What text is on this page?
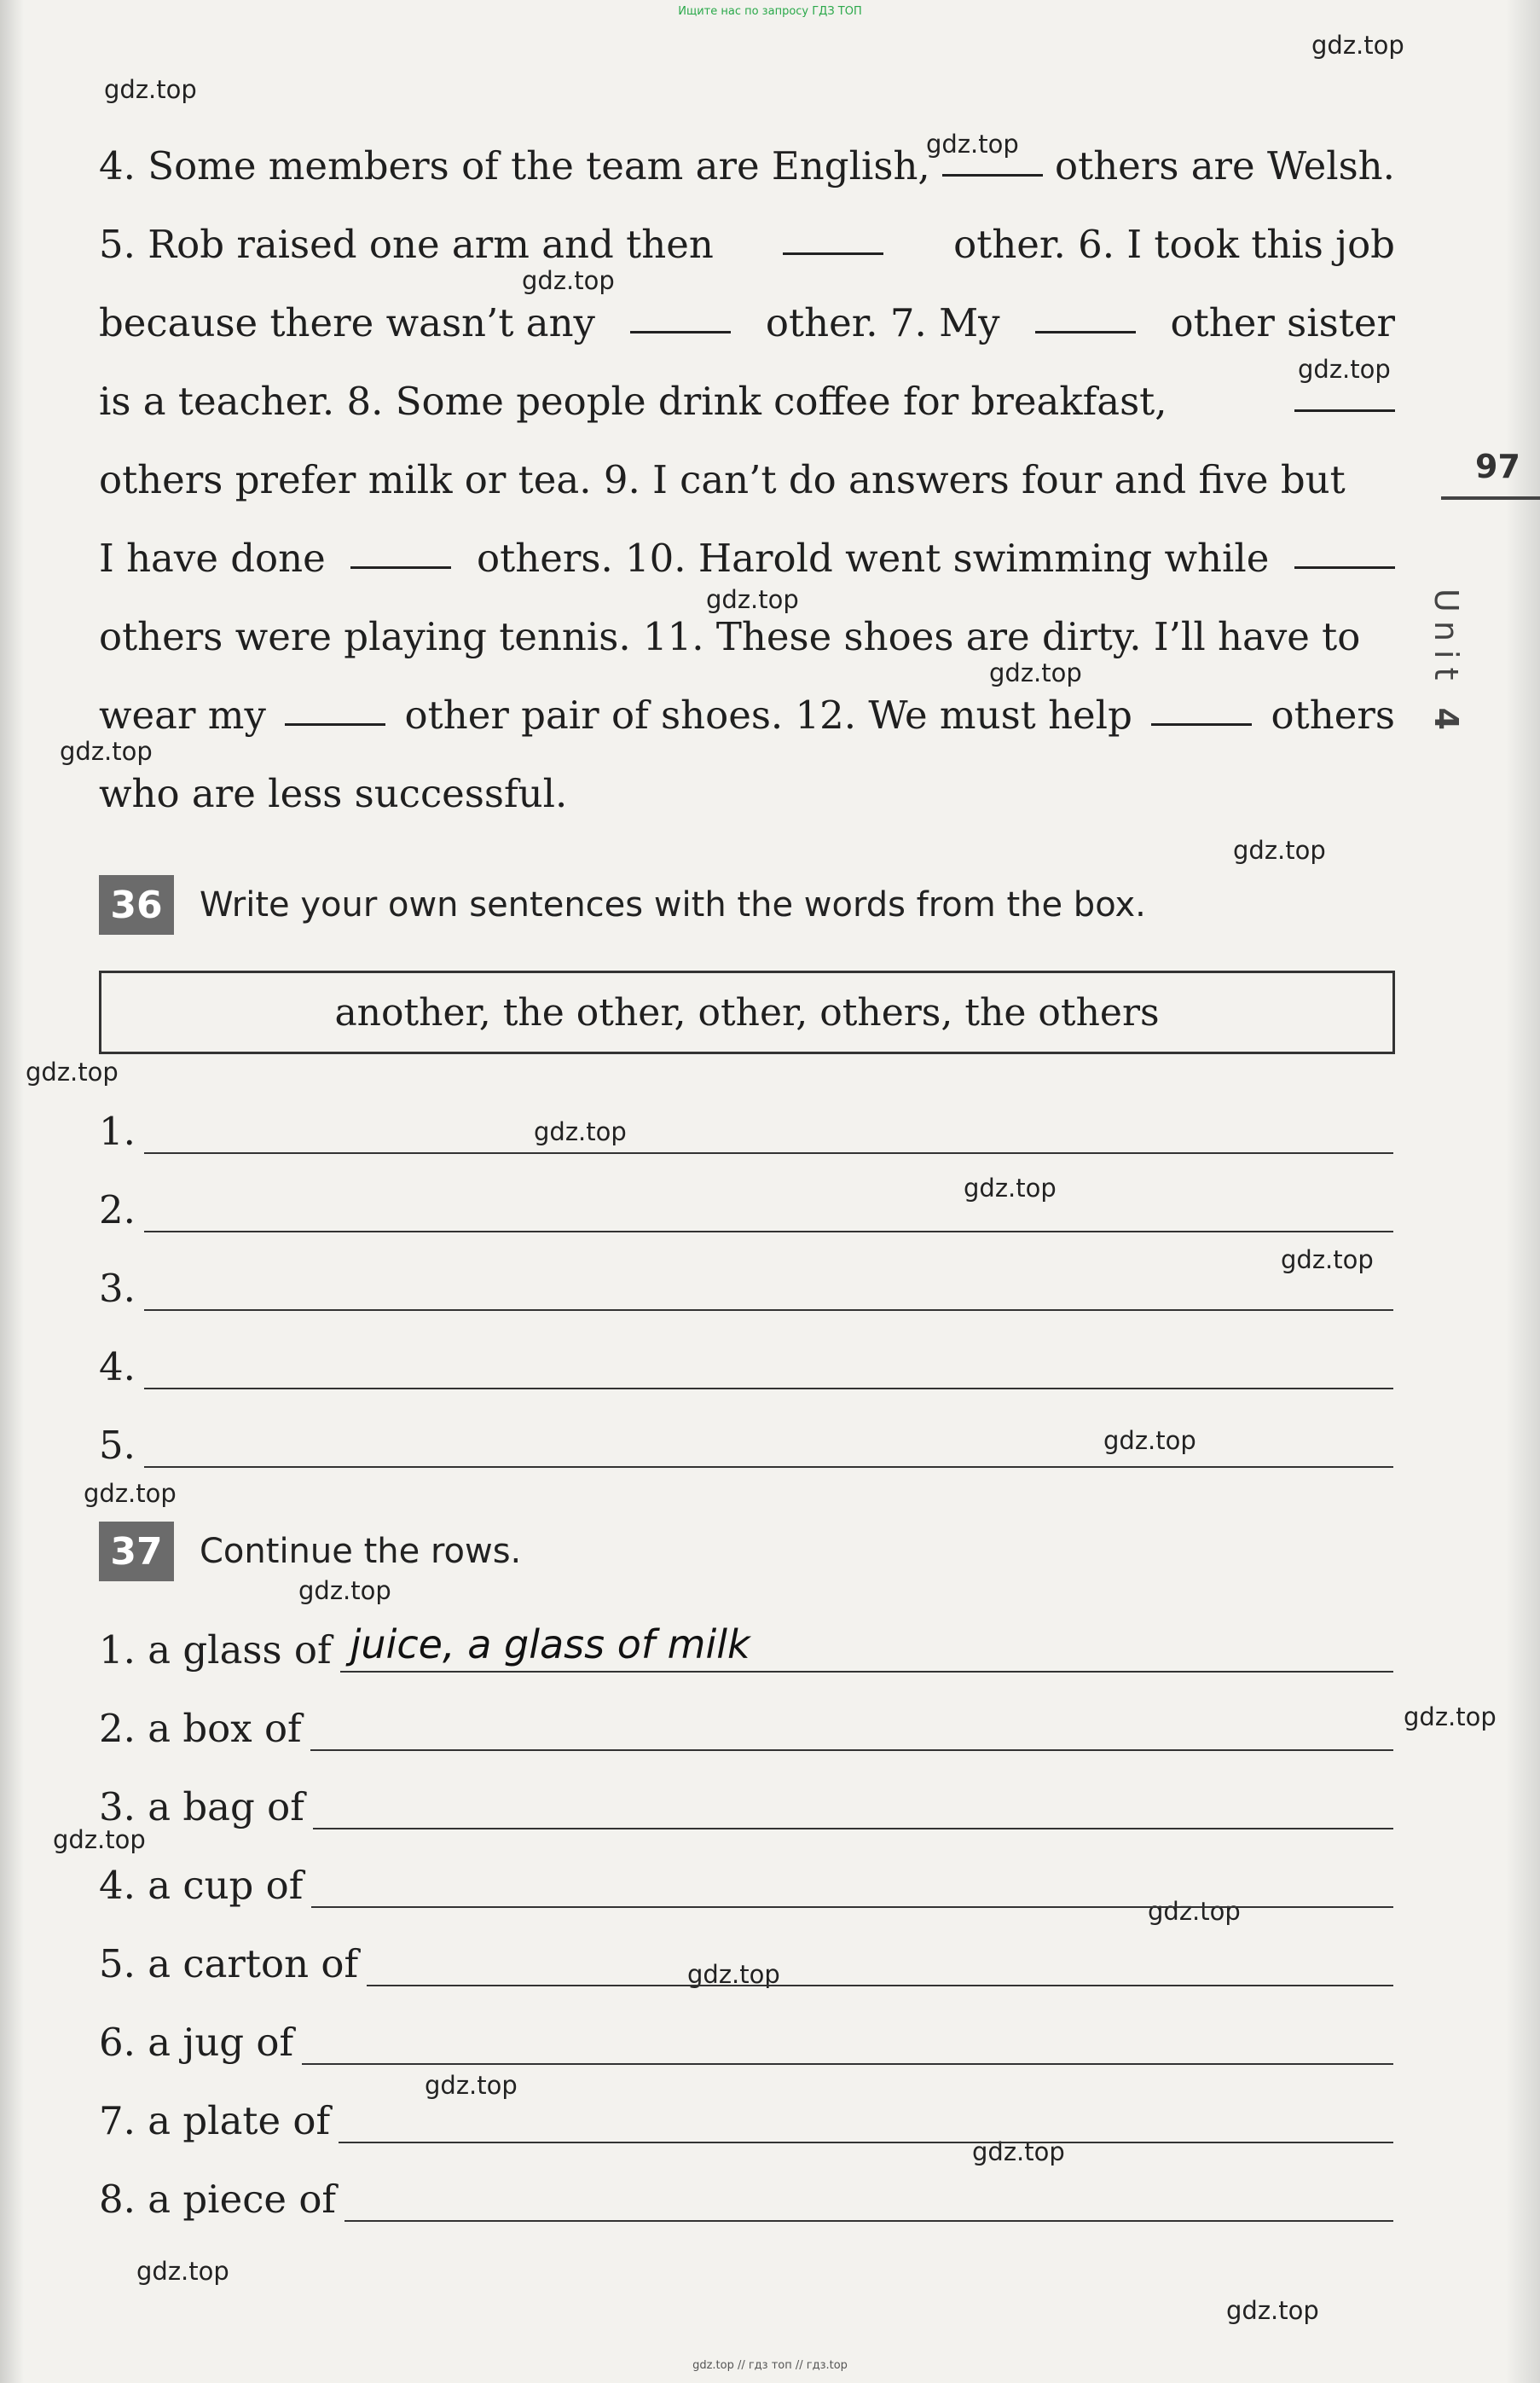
Ищите нас по запросу ГДЗ ТОП
gdz.top
gdz.top
gdz.top
gdz.top
gdz.top
gdz.top
gdz.top
gdz.top
gdz.top
gdz.top
gdz.top
gdz.top
gdz.top
gdz.top
gdz.top
gdz.top
gdz.top
gdz.top
gdz.top
gdz.top
gdz.top
gdz.top
gdz.top
gdz.top
97
Unit 4
4. Some members of the team are English,	others are Welsh.
5. Rob raised one arm and then	other. 6. I took this job
because there wasn’t any	other. 7. My	other sister
is a teacher. 8. Some people drink coffee for breakfast,
others prefer milk or tea. 9. I can’t do answers four and five but
I have done	others. 10. Harold went swimming while
others were playing tennis. 11. These shoes are dirty. I’ll have to
wear my	other pair of shoes. 12. We must help	others
who are less successful.
36	Write your own sentences with the words from the box.
another, the other, other, others, the others
1.
2.
3.
4.
5.
37	Continue the rows.
1. a glass of juice, a glass of milk
2. a box of
3. a bag of
4. a cup of
5. a carton of
6. a jug of
7. a plate of
8. a piece of
gdz.top // гдз топ // гдз.top
